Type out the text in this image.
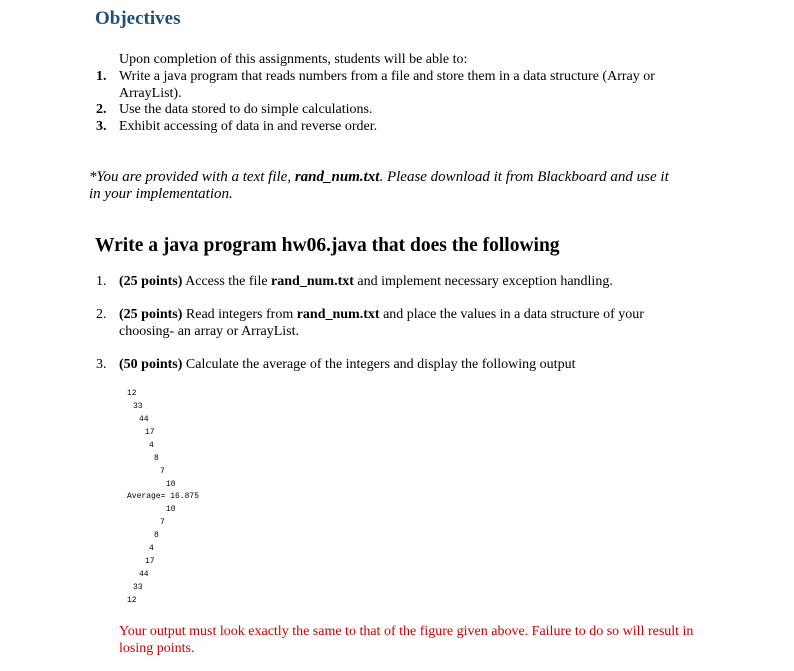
Objectives
Upon completion of this assignments, students will be able to:
1. Write a java program that reads numbers from a file and store them in a data structure (Array or
ArrayList).
2. Use the data stored to do simple calculations.
3. Exhibit accessing of data in and reverse order.
*You are provided with a text file, rand_num.txt. Please download it from Blackboard and use it
in your implementation.
Write a java program hw06.java that does the following
1. (25 points) Access the file rand_num.txt and implement necessary exception handling.
2. (25 points) Read integers from rand_num.txt and place the values in a data structure of your
choosing- an array or ArrayList.
3. (50 points) Calculate the average of the integers and display the following output
12
33
44
17
4
8
7
10
Average= 16.875
10
7
8
4
17
44
33
12
Your output must look exactly the same to that of the figure given above. Failure to do so will result in
losing points.
